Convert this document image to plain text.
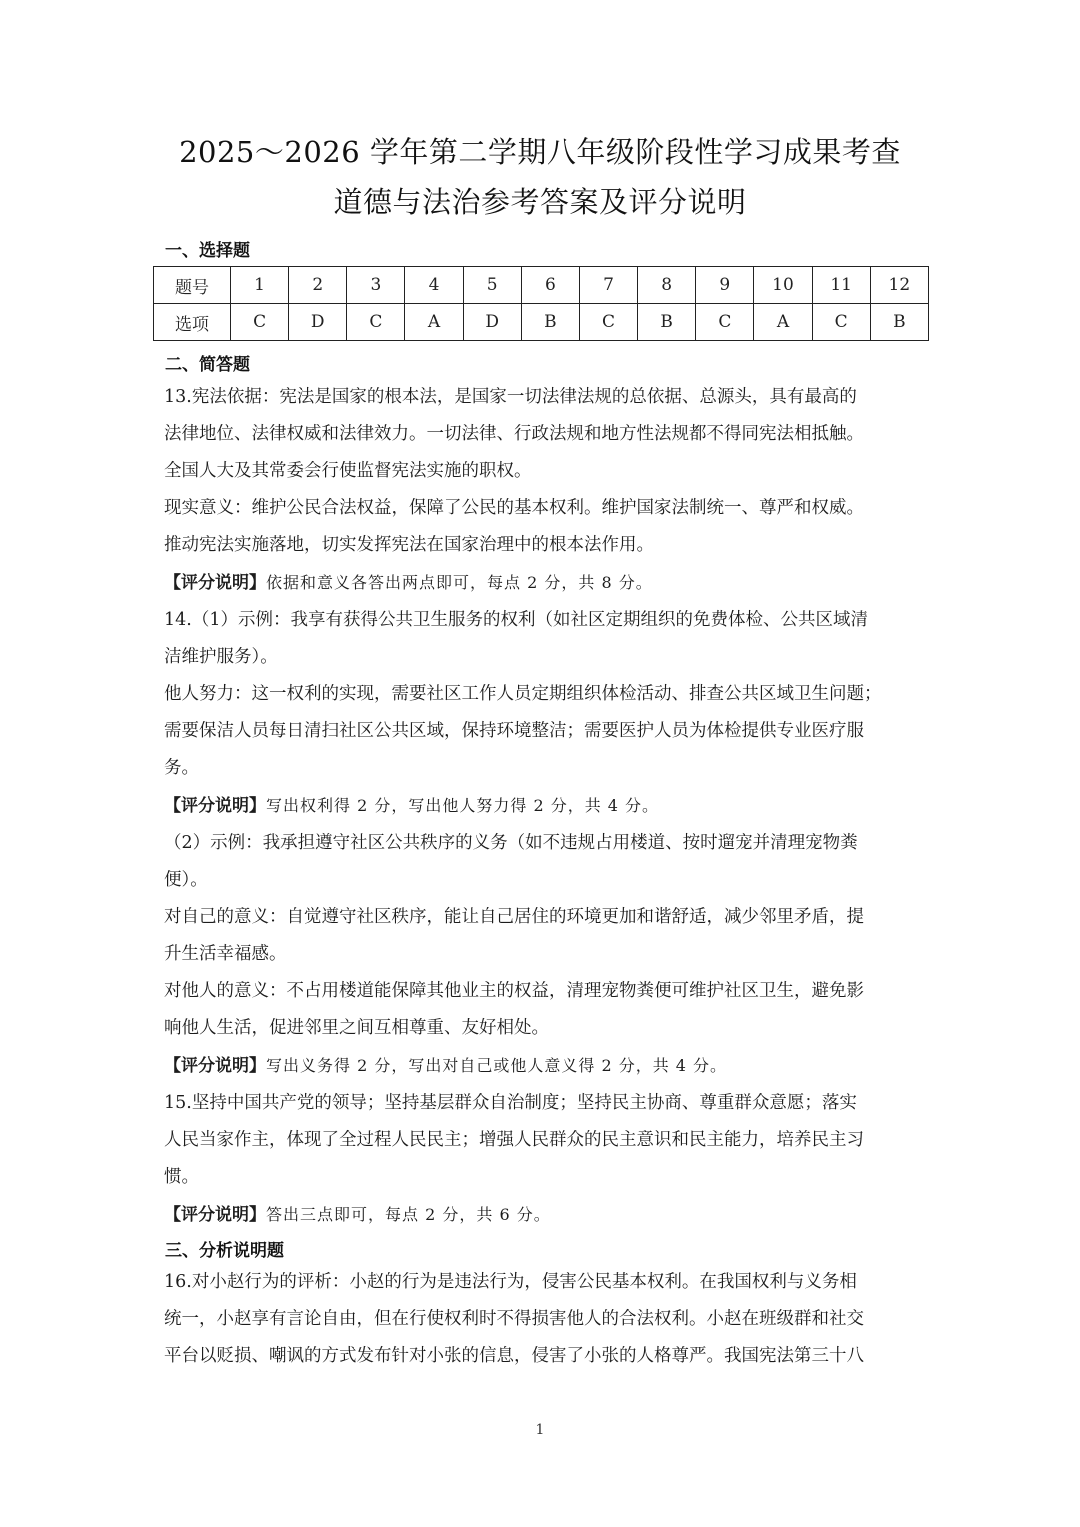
2025～2026 学年第二学期八年级阶段性学习成果考查
道德与法治参考答案及评分说明
一、选择题
题号	1	2	3	4	5	6	7	8	9	10	11	12
选项	C	D	C	A	D	B	C	B	C	A	C	B
二、简答题

13.宪法依据：宪法是国家的根本法，是国家一切法律法规的总依据、总源头，具有最高的

法律地位、法律权威和法律效力。一切法律、行政法规和地方性法规都不得同宪法相抵触。

全国人大及其常委会行使监督宪法实施的职权。

现实意义：维护公民合法权益，保障了公民的基本权利。维护国家法制统一、尊严和权威。

推动宪法实施落地，切实发挥宪法在国家治理中的根本法作用。

【评分说明】依据和意义各答出两点即可，每点 2 分，共 8 分。

14.（1）示例：我享有获得公共卫生服务的权利（如社区定期组织的免费体检、公共区域清

洁维护服务）。

他人努力：这一权利的实现，需要社区工作人员定期组织体检活动、排查公共区域卫生问题；

需要保洁人员每日清扫社区公共区域，保持环境整洁；需要医护人员为体检提供专业医疗服

务。

【评分说明】写出权利得 2 分，写出他人努力得 2 分，共 4 分。

（2）示例：我承担遵守社区公共秩序的义务（如不违规占用楼道、按时遛宠并清理宠物粪

便）。

对自己的意义：自觉遵守社区秩序，能让自己居住的环境更加和谐舒适，减少邻里矛盾，提

升生活幸福感。

对他人的意义：不占用楼道能保障其他业主的权益，清理宠物粪便可维护社区卫生，避免影

响他人生活，促进邻里之间互相尊重、友好相处。

【评分说明】写出义务得 2 分，写出对自己或他人意义得 2 分，共 4 分。

15.坚持中国共产党的领导；坚持基层群众自治制度；坚持民主协商、尊重群众意愿；落实

人民当家作主，体现了全过程人民民主；增强人民群众的民主意识和民主能力，培养民主习

惯。

【评分说明】答出三点即可，每点 2 分，共 6 分。

三、分析说明题

16.对小赵行为的评析：小赵的行为是违法行为，侵害公民基本权利。在我国权利与义务相

统一，小赵享有言论自由，但在行使权利时不得损害他人的合法权利。小赵在班级群和社交

平台以贬损、嘲讽的方式发布针对小张的信息，侵害了小张的人格尊严。我国宪法第三十八

1
